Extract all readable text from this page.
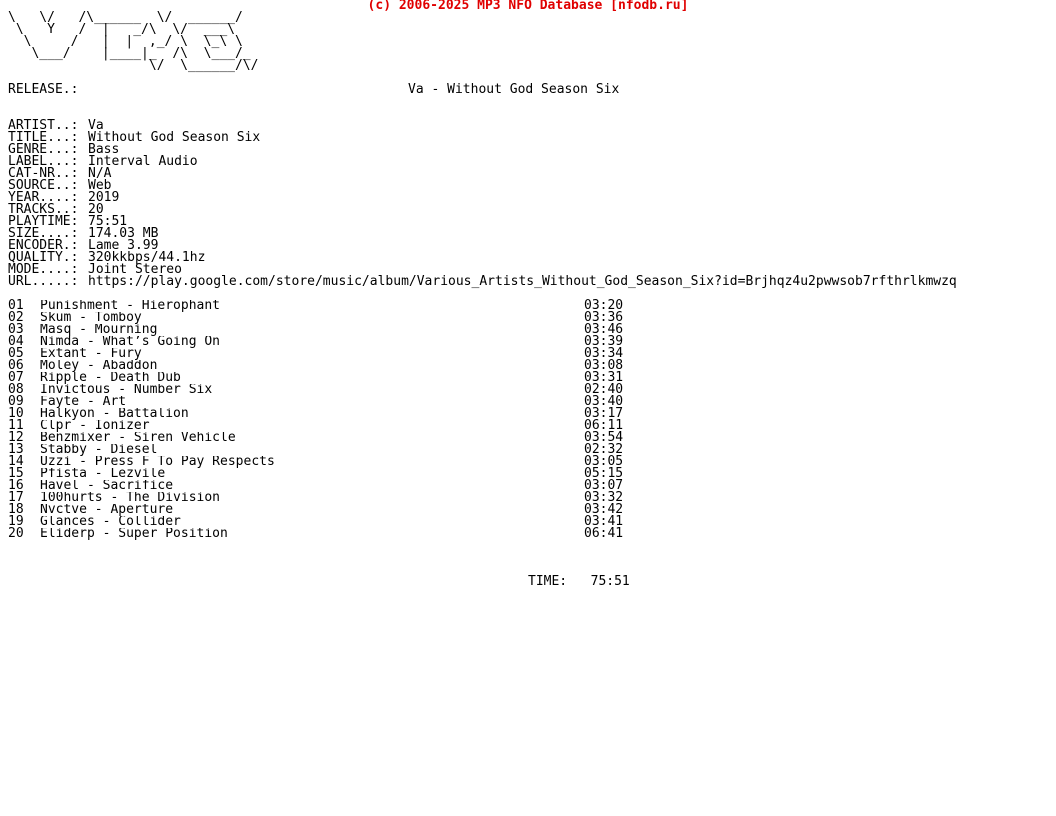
(c) 2006-2025 MP3 NFO Database [nfodb.ru]
\   \/   /\______  \/  ______/
\   Y   /  |   _/\  \/  ___\
\     /   |  |  ,_/ \  \_\ \
\___/    |____|_  /\  \___/_
\/  \______/\/
RELEASE.:	Va - Without God Season Six
ARTIST..: Va
TITLE...: Without God Season Six
GENRE...: Bass
LABEL...: Interval Audio
CAT-NR..: N/A
SOURCE..: Web
YEAR....: 2019
TRACKS..: 20
PLAYTIME: 75:51
SIZE....: 174.03 MB
ENCODER.: Lame 3.99
QUALITY.: 320kkbps/44.1hz
MODE....: Joint Stereo
URL.....: https://play.google.com/store/music/album/Various_Artists_Without_God_Season_Six?id=Brjhqz4u2pwwsob7rfthrlkmwzq
01	Punishment - Hierophant	03:20
02	Skum - Tomboy	03:36
03	Masq - Mourning	03:46
04	Nimda - What’s Going On	03:39
05	Extant - Fury	03:34
06	Moley - Abaddon	03:08
07	Ripple - Death Dub	03:31
08	Invictous - Number Six	02:40
09	Fayte - Art	03:40
10	Halkyon - Battalion	03:17
11	Clpr - Ionizer	06:11
12	Benzmixer - Siren Vehicle	03:54
13	Stabby - Diesel	02:32
14	Uzzi - Press F To Pay Respects	03:05
15	Pfista - Lezvile	05:15
16	Havel - Sacrifice	03:07
17	100hurts - The Division	03:32
18	Nvctve - Aperture	03:42
19	Glances - Collider	03:41
20	Eliderp - Super Position	06:41
TIME: 75:51
